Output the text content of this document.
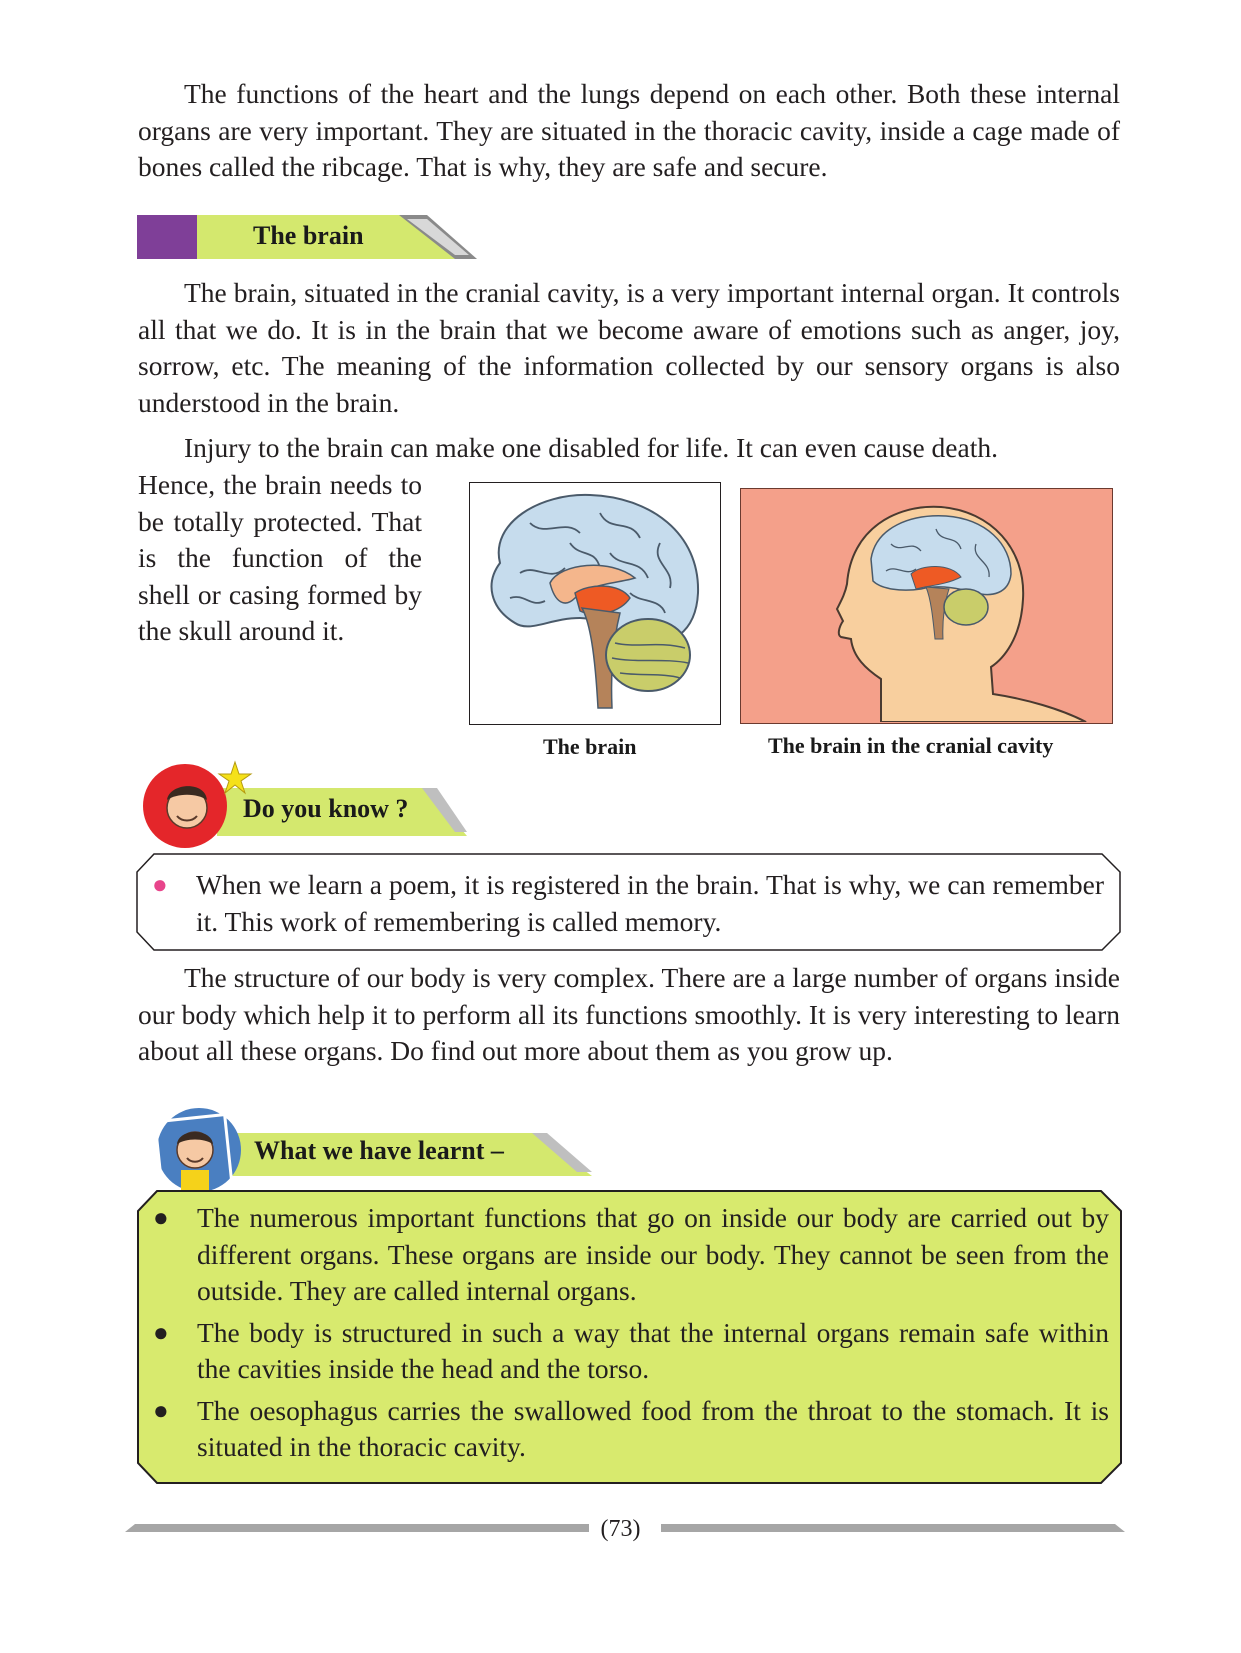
The functions of the heart and the lungs depend on each other. Both these internal organs are very important. They are situated in the thoracic cavity, inside a cage made of bones called the ribcage. That is why, they are safe and secure.

The brain

The brain, situated in the cranial cavity, is a very important internal organ. It controls all that we do. It is in the brain that we become aware of emotions such as anger, joy, sorrow, etc. The meaning of the information collected by our sensory organs is also understood in the brain.

Injury to the brain can make one disabled for life. It can even cause death.

Hence, the brain needs to be totally protected. That is the function of the shell or casing formed by the skull around it.

The brain	The brain in the cranial cavity
Do you know ?
● When we learn a poem, it is registered in the brain. That is why, we can remember it. This work of remembering is called memory.

The structure of our body is very complex. There are a large number of organs inside our body which help it to perform all its functions smoothly. It is very interesting to learn about all these organs. Do find out more about them as you grow up.

What we have learnt –
● The numerous important functions that go on inside our body are carried out by different organs. These organs are inside our body. They cannot be seen from the outside. They are called internal organs.
● The body is structured in such a way that the internal organs remain safe within the cavities inside the head and the torso.
● The oesophagus carries the swallowed food from the throat to the stomach. It is situated in the thoracic cavity.
(73)
